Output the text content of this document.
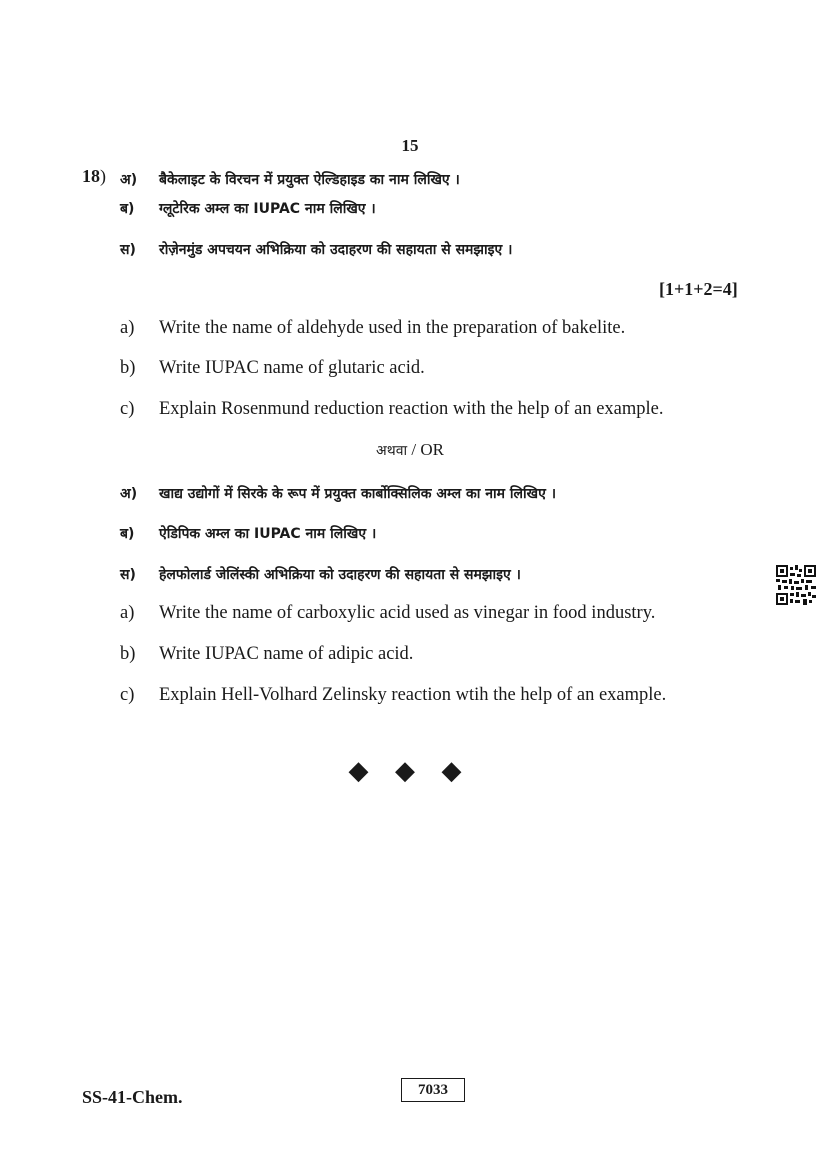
15
18) अ) बैकेलाइट के विरचन में प्रयुक्त ऐल्डिहाइड का नाम लिखिए ।
ब) ग्लूटेरिक अम्ल का IUPAC नाम लिखिए ।
स) रोज़ेनमुंड अपचयन अभिक्रिया को उदाहरण की सहायता से समझाइए ।
[1+1+2=4]
a) Write the name of aldehyde used in the preparation of bakelite.
b) Write IUPAC name of glutaric acid.
c) Explain Rosenmund reduction reaction with the help of an example.
अथवा / OR
अ) खाद्य उद्योगों में सिरके के रूप में प्रयुक्त कार्बोक्सिलिक अम्ल का नाम लिखिए ।
ब) ऐडिपिक अम्ल का IUPAC नाम लिखिए ।
स) हेलफोलार्ड जेलिंस्की अभिक्रिया को उदाहरण की सहायता से समझाइए ।
a) Write the name of carboxylic acid used as vinegar in food industry.
b) Write IUPAC name of adipic acid.
c) Explain Hell-Volhard Zelinsky reaction wtih the help of an example.
◆ ◆ ◆
SS-41-Chem.	7033
